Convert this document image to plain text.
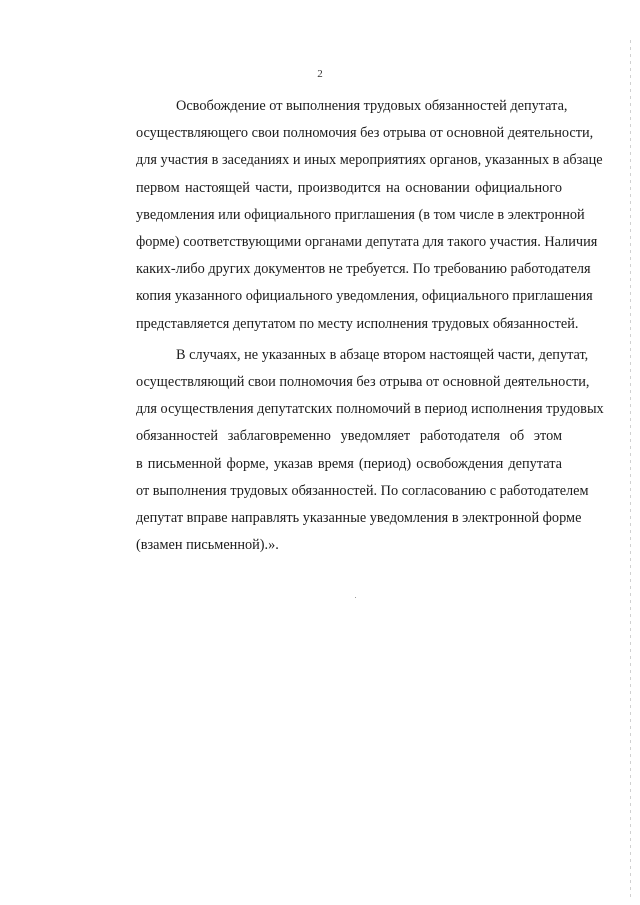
2
Освобождение от выполнения трудовых обязанностей депутата,
осуществляющего свои полномочия без отрыва от основной деятельности,
для участия в заседаниях и иных мероприятиях органов, указанных в абзаце
первом настоящей части, производится на основании официального
уведомления или официального приглашения (в том числе в электронной
форме) соответствующими органами депутата для такого участия. Наличия
каких-либо других документов не требуется. По требованию работодателя
копия указанного официального уведомления, официального приглашения
представляется депутатом по месту исполнения трудовых обязанностей.
В случаях, не указанных в абзаце втором настоящей части, депутат,
осуществляющий свои полномочия без отрыва от основной деятельности,
для осуществления депутатских полномочий в период исполнения трудовых
обязанностей заблаговременно уведомляет работодателя об этом
в письменной форме, указав время (период) освобождения депутата
от выполнения трудовых обязанностей. По согласованию с работодателем
депутат вправе направлять указанные уведомления в электронной форме
(взамен письменной).».
